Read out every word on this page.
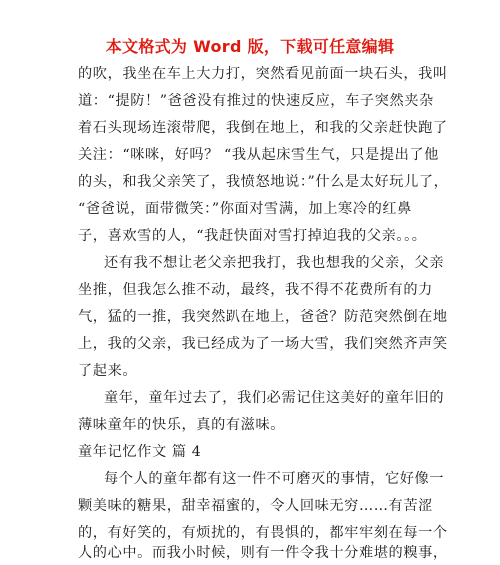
本文格式为 Word 版，下载可任意编辑
的吹，我坐在车上大力打，突然看见前面一块石头，我叫
道：“提防！”爸爸没有推过的快速反应，车子突然夹杂
着石头现场连滚带爬，我倒在地上，和我的父亲赶快跑了
关注：“咪咪，好吗？ “我从起床雪生气，只是提出了他
的头，和我父亲笑了，我愤怒地说：”什么是太好玩儿了，
“爸爸说，面带微笑：”你面对雪满，加上寒冷的红鼻
子，喜欢雪的人，“我赶快面对雪打掉迫我的父亲。。。
还有我不想让老父亲把我打，我也想我的父亲，父亲
坐推，但我怎么推不动，最终，我不得不花费所有的力
气，猛的一推，我突然趴在地上，爸爸？防范突然倒在地
上，我的父亲，我已经成为了一场大雪，我们突然齐声笑
了起来。
童年，童年过去了，我们必需记住这美好的童年旧的
薄味童年的快乐，真的有滋味。
童年记忆作文 篇 4
每个人的童年都有这一件不可磨灭的事情，它好像一
颗美味的糖果，甜幸福蜜的，令人回味无穷……有苦涩
的，有好笑的，有烦扰的，有畏惧的，都牢牢刻在每一个
人的心中。而我小时候，则有一件令我十分难堪的糗事，
